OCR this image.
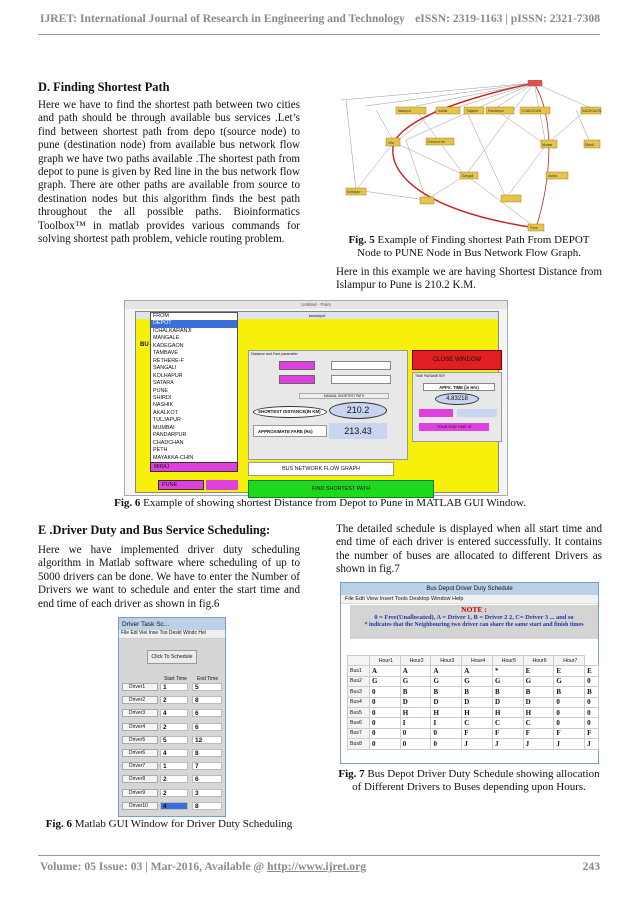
IJRET: International Journal of Research in Engineering and Technology eISSN: 2319-1163 | pISSN: 2321-7308
D. Finding Shortest Path
Here we have to find the shortest path between two cities and path should be through available bus services .Let’s find between shortest path from depo t(source node) to pune (destination node) from available bus network flow graph we have two paths available .The shortest path from depot to pune is given by Red line in the bus network flow graph. There are other paths are available from source to destination nodes but this algorithm finds the best path throughout the all possible paths. Bioinformatics Toolbox™ in matlab provides various commands for solving shortest path problem, vehicle routing problem.
Islampur
Vita
Ashta
mahal	Tuljapur	Pandarpur	CHADCHAN	KADEGAON
Chinch.li.kin
Sangali
Morsai	Shirdi
Kolhapur
Pune
Fig. 5 Example of Finding shortest Path From DEPOT Node to PUNE Node in Bus Network Flow Graph.
Here in this example we are having Shortest Distance from Islampur to Pune is 210.2 K.M.
Untitled - Paint
busdepot
BU
FROM
DEPOT
ICHALKARANJI
MANGALE
KADEGAON
TAMBAVE
RETHERE-F
SANGALI
KOLHAPUR
SATARA
PUNE
SHIRDI
NASHIK
AKALKOT
TULJAPUR
MUMBAI
PANDARPUR
CHADCHAN
PETH
MAYAKKA-CHIN
MIRAJ
PUNE
Distance and Fare parameter
MANUAL SHORTEST PATH
SHORTEST DISTANCE(IN KM)	210.2
APPROXIMATE FARE (Rs)	213.43
CLOSE WINDOW
TIME PARAMETER
APPX. TIME (in Hrs)
4.83218
TOUR END TIME IS
BUS NETWORK FLOW GRAPH
FIND SHORTEST PATH
Fig. 6 Example of showing shortest Distance from Depot to Pune in MATLAB GUI Window.
E .Driver Duty and Bus Service Scheduling:
Here we have implemented driver duty scheduling algorithm in Matlab software where scheduling of up to 5000 drivers can be done. We have to enter the Number of Drivers we want to schedule and enter the start time and end time of each driver as shown in fig.6
Driver Task Sc...
File Edi Viei Inse Too Deskt Windc Hel
Click To Schedule
Start Time End Time
Driver1	1	5
Driver2	2	8
Driver3	4	6
Driver4	2	6
Driver5	5	12
Driver6	4	8
Driver7	1	7
Driver8	2	6
Driver9	2	3
Driver10	4	8
Fig. 6 Matlab GUI Window for Driver Duty Scheduling
The detailed schedule is displayed when all start time and end time of each driver is entered successfully. It contains the number of buses are allocated to different Drivers as shown in fig.7
Bus Depot Driver Duty Schedule
File Edit View Insert Tools Desktop Window Help
NOTE :
0 = Free(Unallocated), A = Driver 1, B = Driver 2 2, C= Driver 3 ... and so
* indicates that the Neighbouring two driver can share the same start and finish times
	Hour1	Hour2	Hour3	Hour4	Hour5	Hour6	Hour7	
Bus1	A	A	A	A	*	E	E	E
Bus2	G	G	G	G	G	G	G	0
Bus3	0	B	B	B	B	B	B	B
Bus4	0	D	D	D	D	D	0	0
Bus5	0	H	H	H	H	H	0	0
Bus6	0	I	I	C	C	C	0	0
Bus7	0	0	0	F	F	F	F	F
Bus8	0	0	0	J	J	J	J	J
Fig. 7 Bus Depot Driver Duty Schedule showing allocation of Different Drivers to Buses depending upon Hours.
Volume: 05 Issue: 03 | Mar-2016, Available @ http://www.ijret.org	243
